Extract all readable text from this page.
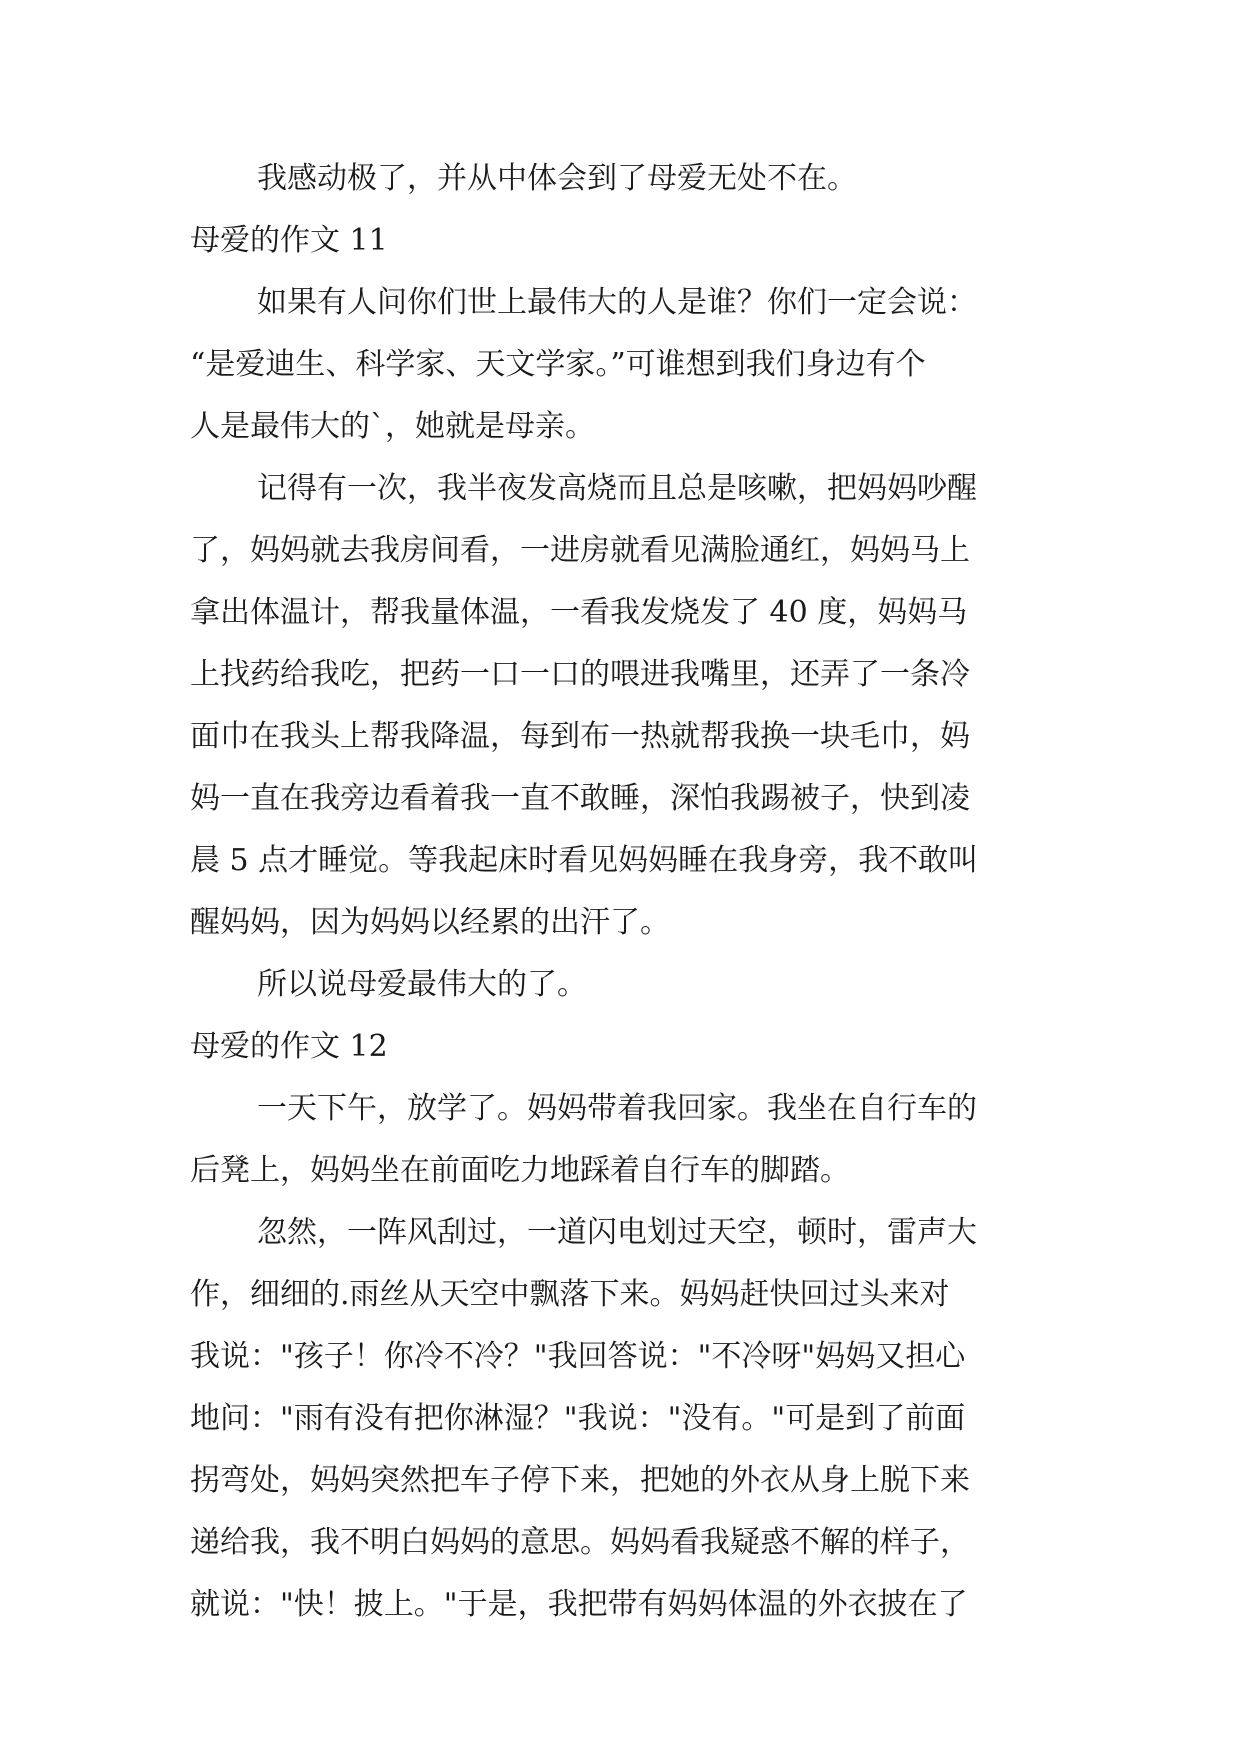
我感动极了，并从中体会到了母爱无处不在。
母爱的作文 11
如果有人问你们世上最伟大的人是谁？你们一定会说：
“是爱迪生、科学家、天文学家。”可谁想到我们身边有个
人是最伟大的`，她就是母亲。
记得有一次，我半夜发高烧而且总是咳嗽，把妈妈吵醒
了，妈妈就去我房间看，一进房就看见满脸通红，妈妈马上
拿出体温计，帮我量体温，一看我发烧发了 40 度，妈妈马
上找药给我吃，把药一口一口的喂进我嘴里，还弄了一条冷
面巾在我头上帮我降温，每到布一热就帮我换一块毛巾，妈
妈一直在我旁边看着我一直不敢睡，深怕我踢被子，快到凌
晨 5 点才睡觉。等我起床时看见妈妈睡在我身旁，我不敢叫
醒妈妈，因为妈妈以经累的出汗了。
所以说母爱最伟大的了。
母爱的作文 12
一天下午，放学了。妈妈带着我回家。我坐在自行车的
后凳上，妈妈坐在前面吃力地踩着自行车的脚踏。
忽然，一阵风刮过，一道闪电划过天空，顿时，雷声大
作，细细的.雨丝从天空中飘落下来。妈妈赶快回过头来对
我说："孩子！你冷不冷？"我回答说："不冷呀"妈妈又担心
地问："雨有没有把你淋湿？"我说："没有。"可是到了前面
拐弯处，妈妈突然把车子停下来，把她的外衣从身上脱下来
递给我，我不明白妈妈的意思。妈妈看我疑惑不解的样子，
就说："快！披上。"于是，我把带有妈妈体温的外衣披在了
